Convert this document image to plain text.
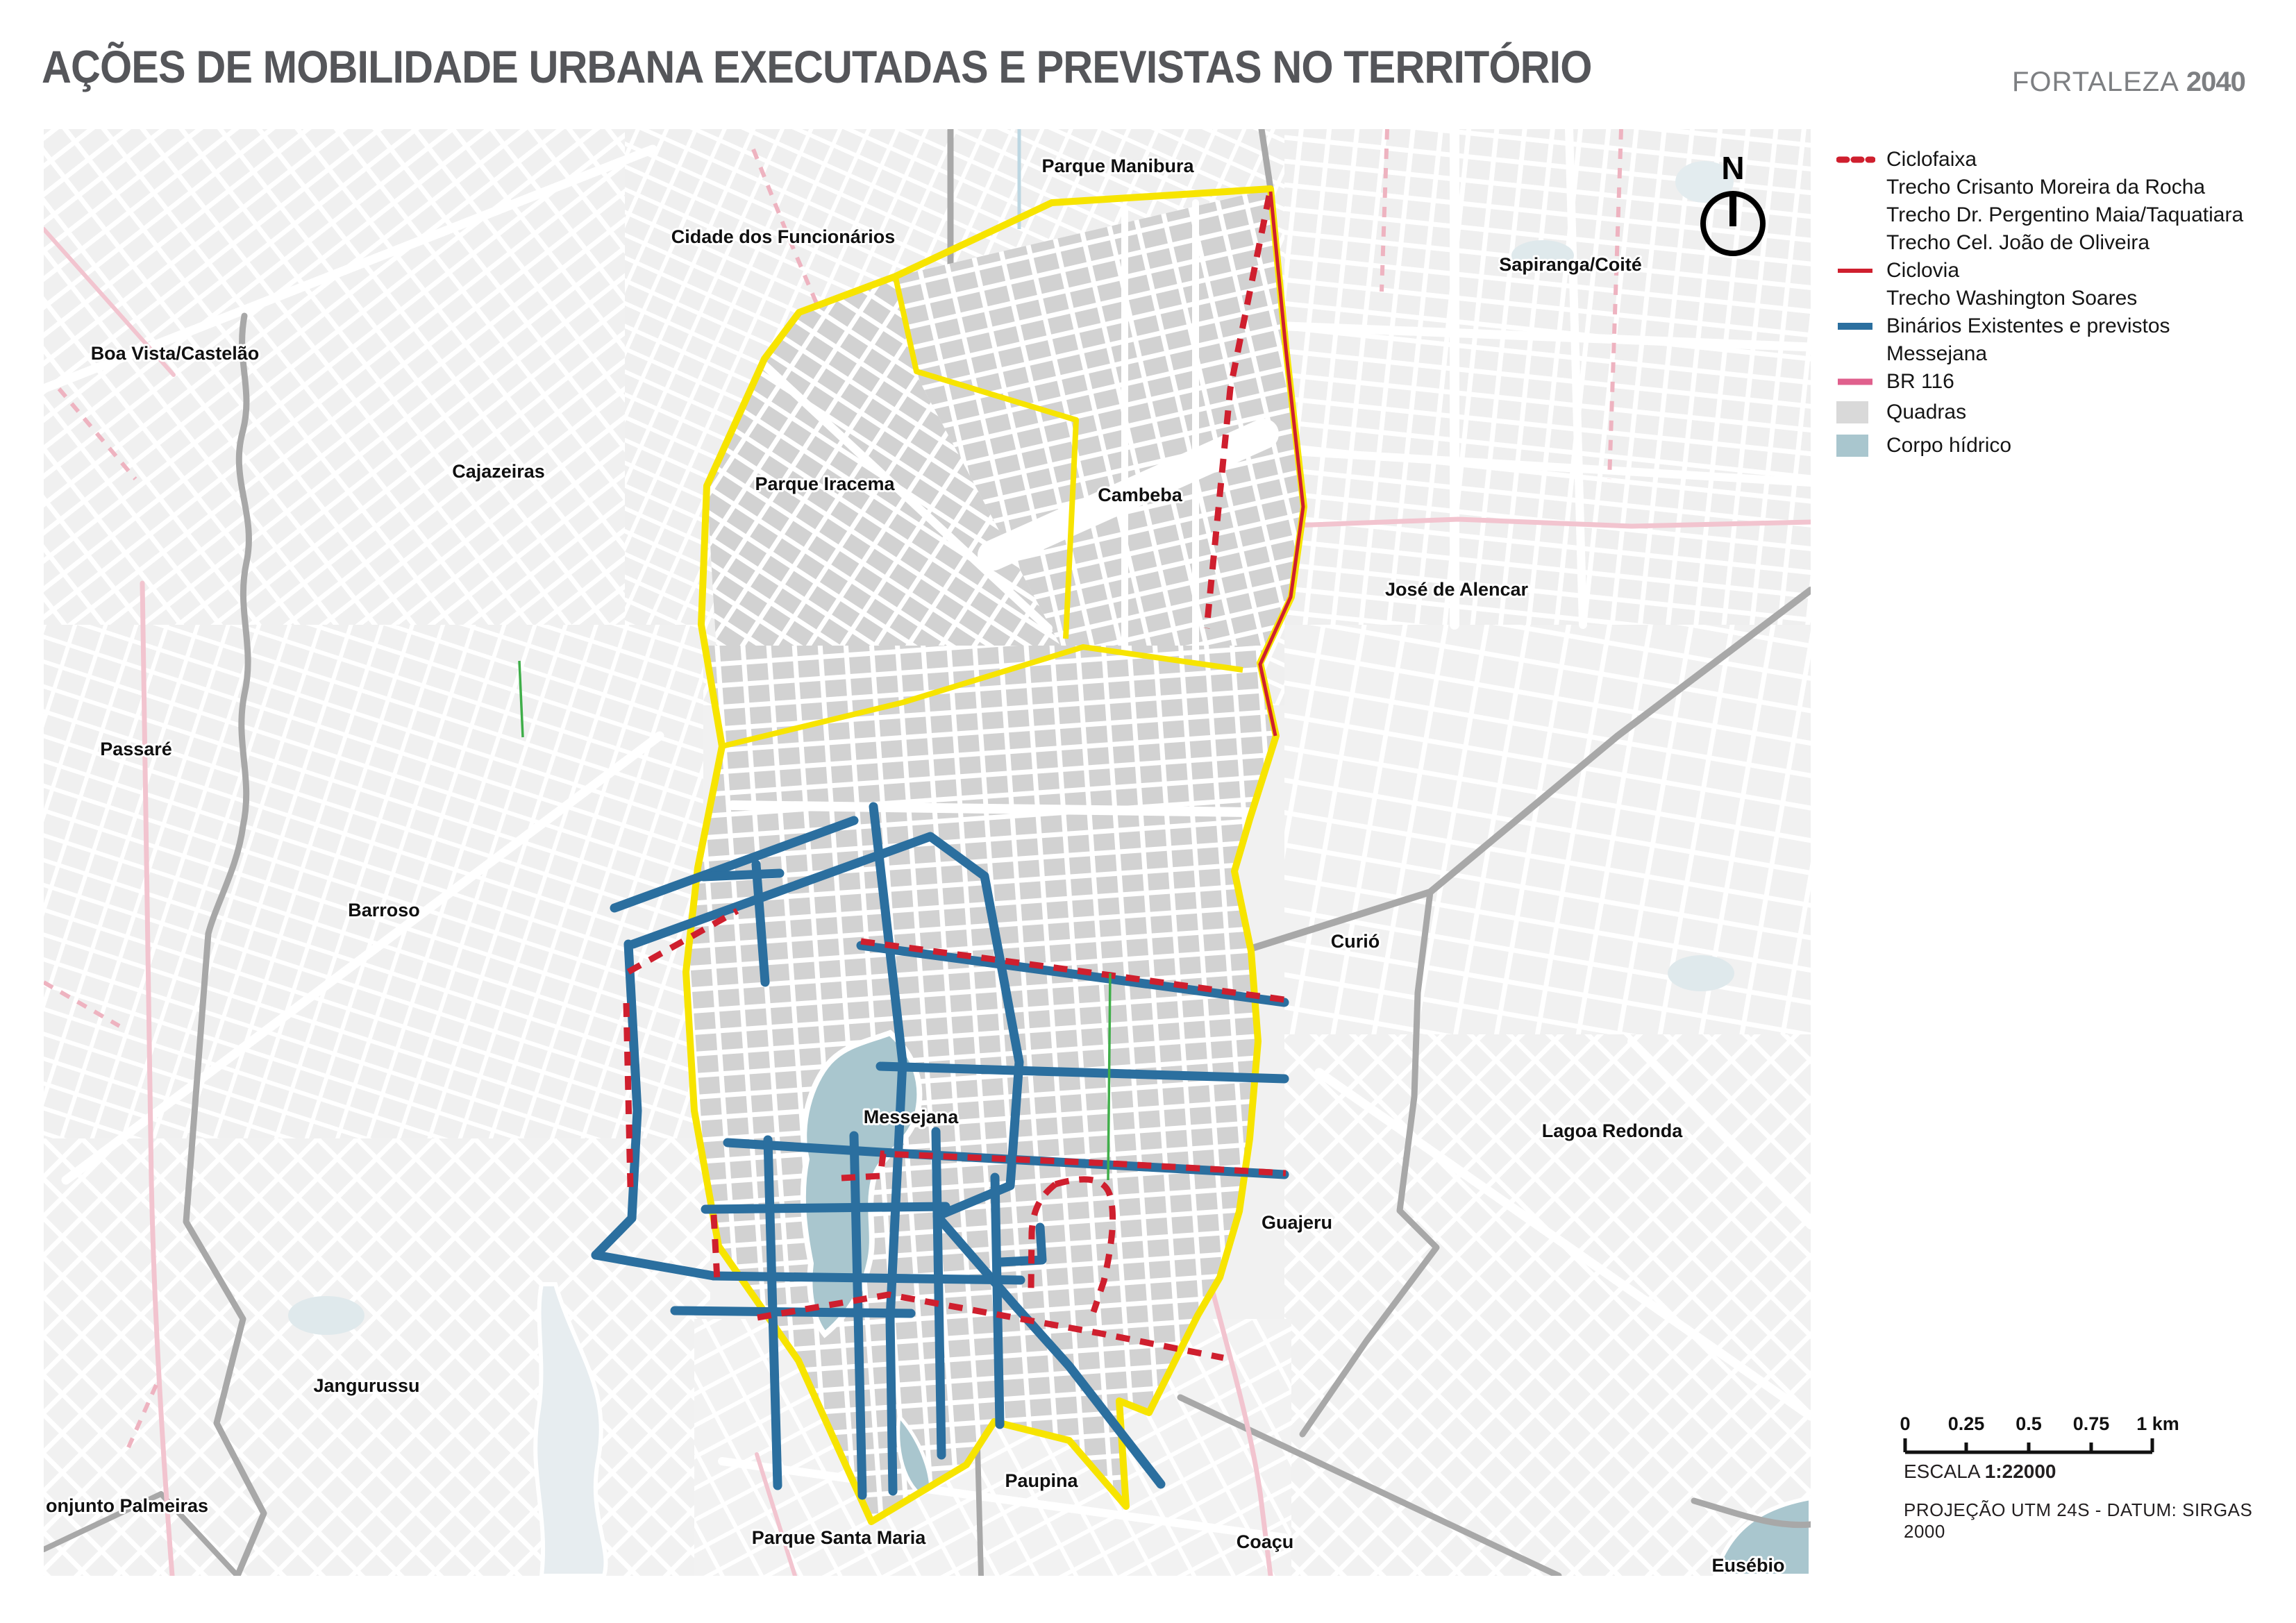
AÇÕES DE MOBILIDADE URBANA EXECUTADAS E PREVISTAS NO TERRITÓRIO	FORTALEZA 2040
Parque Manibura
Cidade dos Funcionários
Sapiranga/Coité
Boa Vista/Castelão
Cajazeiras
Parque Iracema
Cambeba
José de Alencar
Passaré
Barroso
Curió
Messejana
Lagoa Redonda
Guajeru
Jangurussu
Coaçu
Paupina
Parque Santa Maria
onjunto Palmeiras
Eusébio
N	Ciclofaixa
Trecho Crisanto Moreira da Rocha
Trecho Dr. Pergentino Maia/Taquatiara
Trecho Cel. João de Oliveira
Ciclovia
Trecho Washington Soares
Binários Existentes e previstos
Messejana
BR 116
Quadras
Corpo hídrico
0 0.25 0.5 0.75 1 km
ESCALA 1:22000
PROJEÇÃO UTM 24S - DATUM: SIRGAS 2000
